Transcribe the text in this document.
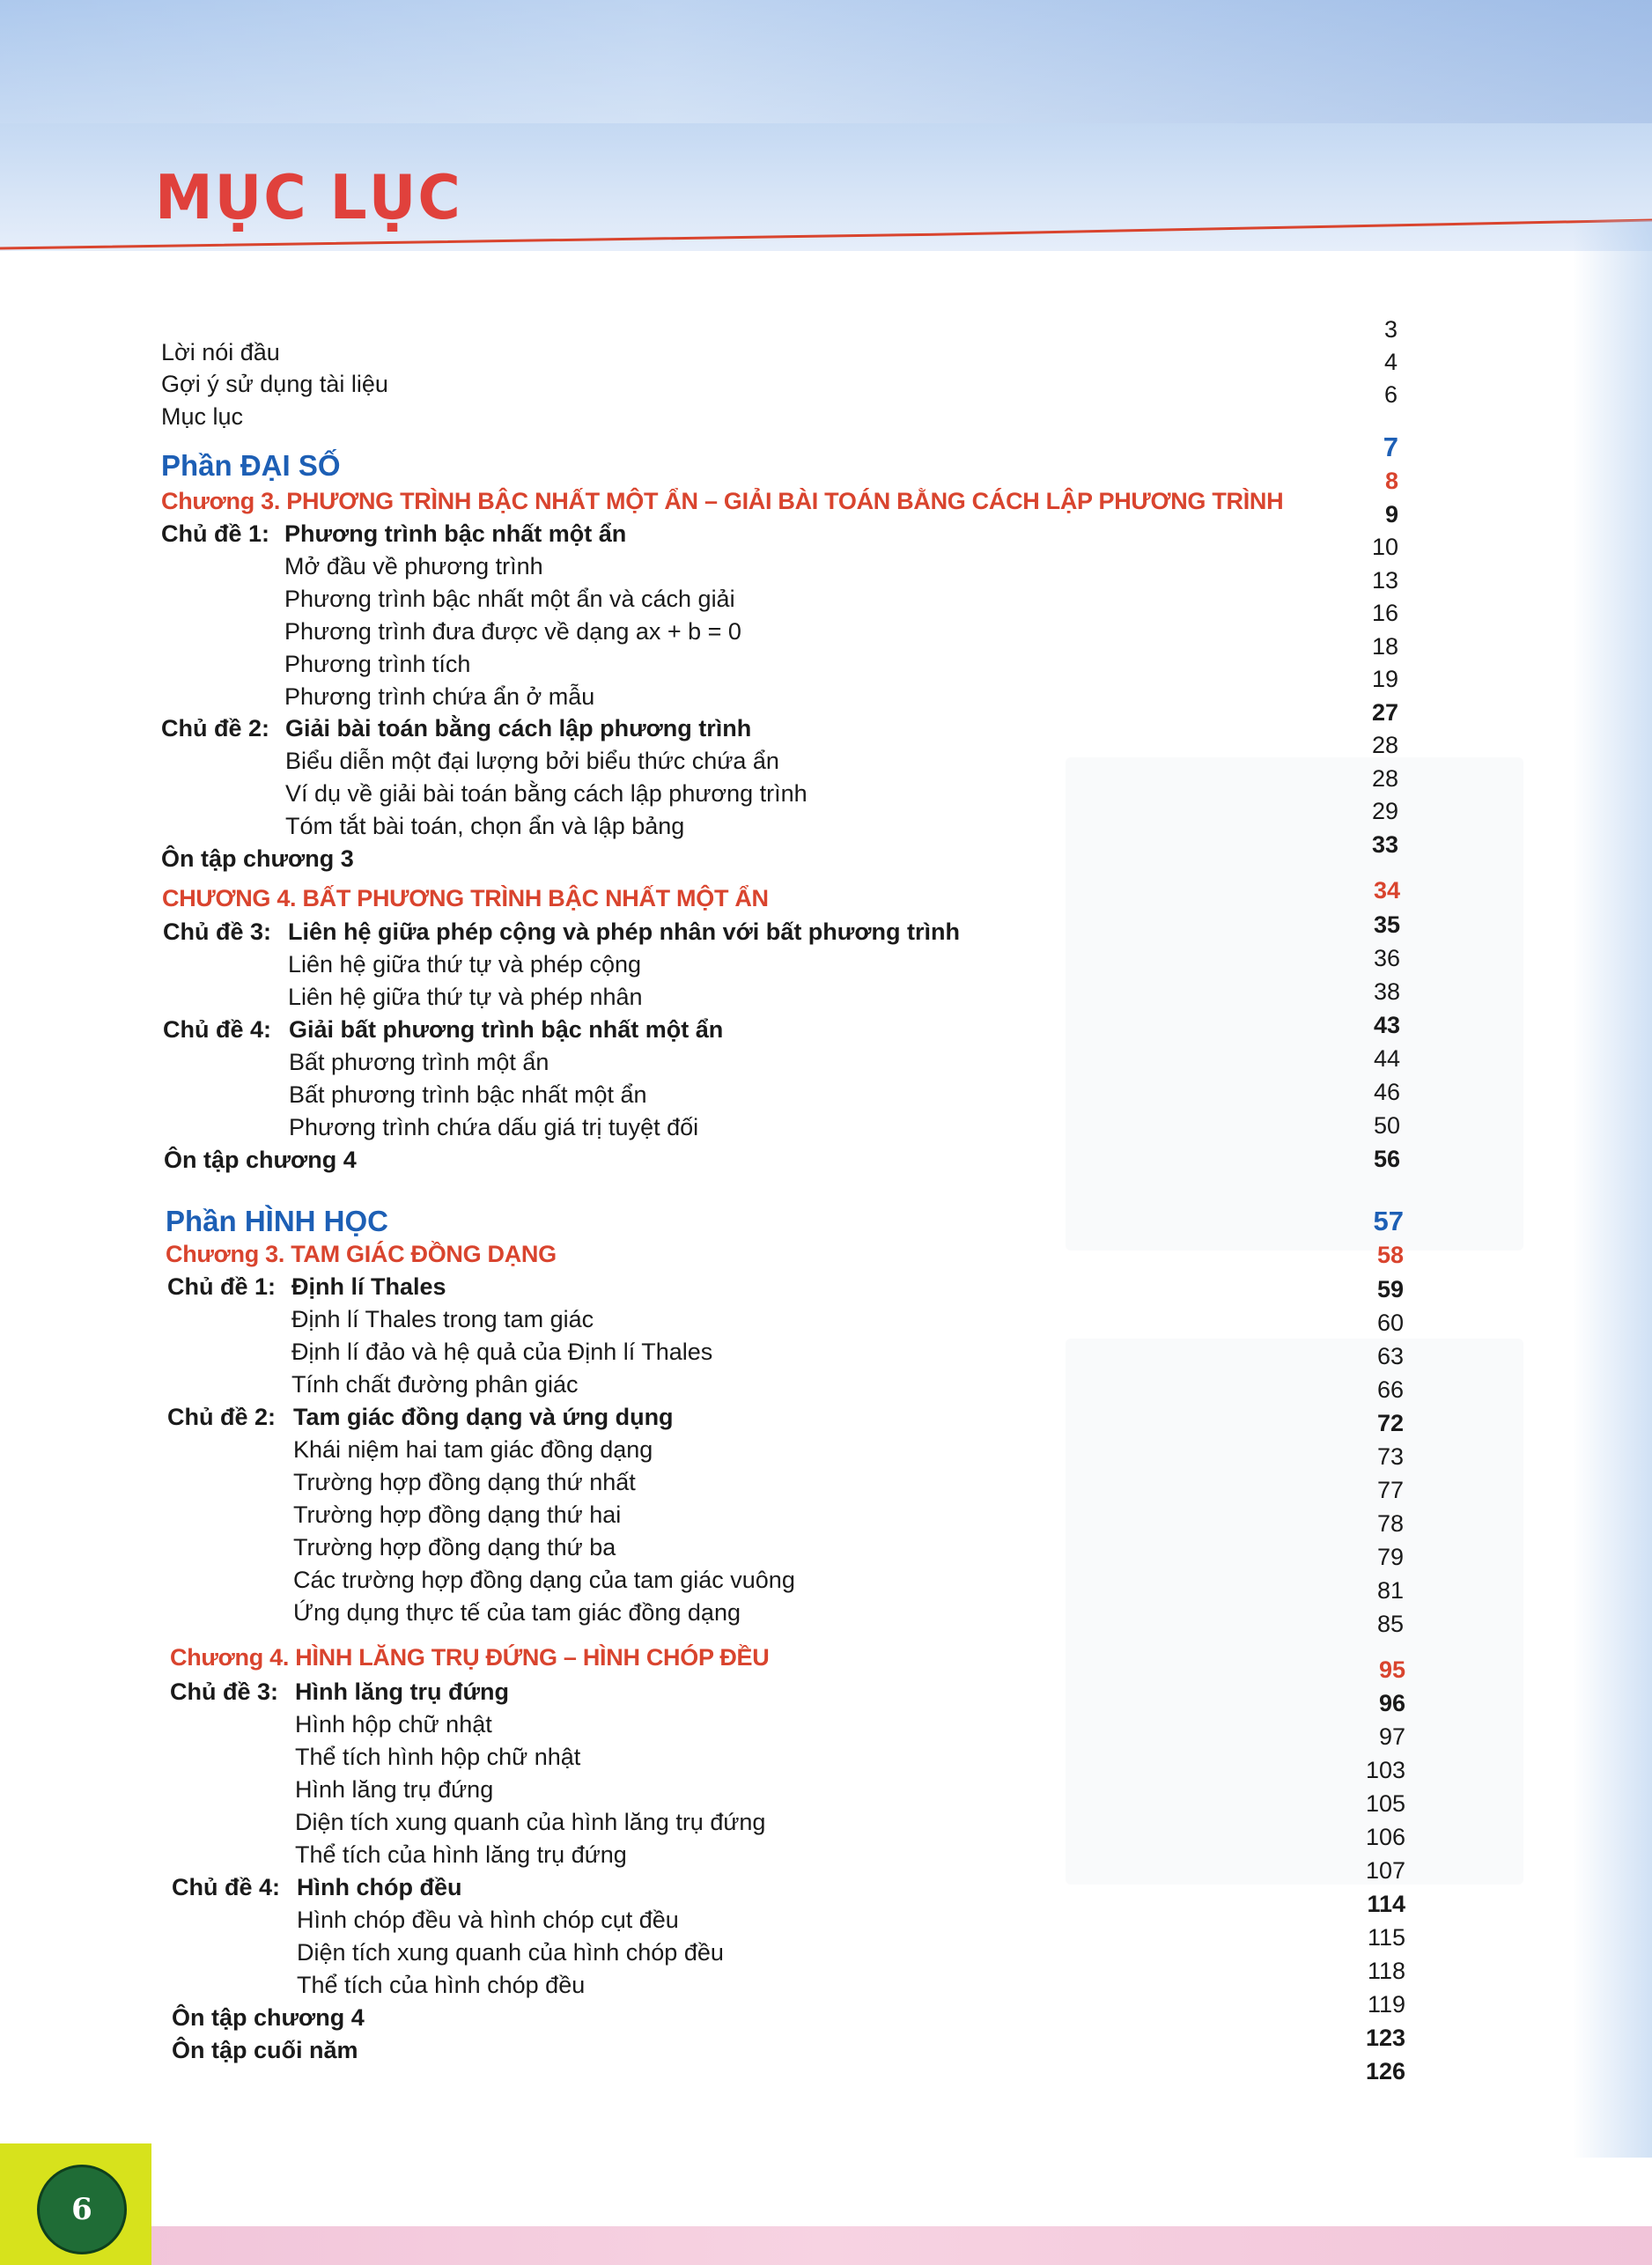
MỤC LỤC
Lời nói đầu
Gợi ý sử dụng tài liệu
Mục lục
Phần ĐẠI SỐ
Chương 3. PHƯƠNG TRÌNH BẬC NHẤT MỘT ẨN – GIẢI BÀI TOÁN BẰNG CÁCH LẬP PHƯƠNG TRÌNH
Chủ đề 1: Phương trình bậc nhất một ẩn
Mở đầu về phương trình
Phương trình bậc nhất một ẩn và cách giải
Phương trình đưa được về dạng ax + b = 0
Phương trình tích
Phương trình chứa ẩn ở mẫu
Chủ đề 2: Giải bài toán bằng cách lập phương trình
Biểu diễn một đại lượng bởi biểu thức chứa ẩn
Ví dụ về giải bài toán bằng cách lập phương trình
Tóm tắt bài toán, chọn ẩn và lập bảng
Ôn tập chương 3
CHƯƠNG 4. BẤT PHƯƠNG TRÌNH BẬC NHẤT MỘT ẨN
Chủ đề 3: Liên hệ giữa phép cộng và phép nhân với bất phương trình
Liên hệ giữa thứ tự và phép cộng
Liên hệ giữa thứ tự và phép nhân
Chủ đề 4: Giải bất phương trình bậc nhất một ẩn
Bất phương trình một ẩn
Bất phương trình bậc nhất một ẩn
Phương trình chứa dấu giá trị tuyệt đối
Ôn tập chương 4
Phần HÌNH HỌC
Chương 3. TAM GIÁC ĐỒNG DẠNG
Chủ đề 1: Định lí Thales
Định lí Thales trong tam giác
Định lí đảo và hệ quả của Định lí Thales
Tính chất đường phân giác
Chủ đề 2: Tam giác đồng dạng và ứng dụng
Khái niệm hai tam giác đồng dạng
Trường hợp đồng dạng thứ nhất
Trường hợp đồng dạng thứ hai
Trường hợp đồng dạng thứ ba
Các trường hợp đồng dạng của tam giác vuông
Ứng dụng thực tế của tam giác đồng dạng
Chương 4. HÌNH LĂNG TRỤ ĐỨNG – HÌNH CHÓP ĐỀU
Chủ đề 3: Hình lăng trụ đứng
Hình hộp chữ nhật
Thể tích hình hộp chữ nhật
Hình lăng trụ đứng
Diện tích xung quanh của hình lăng trụ đứng
Thể tích của hình lăng trụ đứng
Chủ đề 4: Hình chóp đều
Hình chóp đều và hình chóp cụt đều
Diện tích xung quanh của hình chóp đều
Thể tích của hình chóp đều
Ôn tập chương 4
Ôn tập cuối năm
3
4
6
7
8
9
10
13
16
18
19
27
28
28
29
33
34
35
36
38
43
44
46
50
56
57
58
59
60
63
66
72
73
77
78
79
81
85
95
96
97
103
105
106
107
114
115
118
119
123
126
6
